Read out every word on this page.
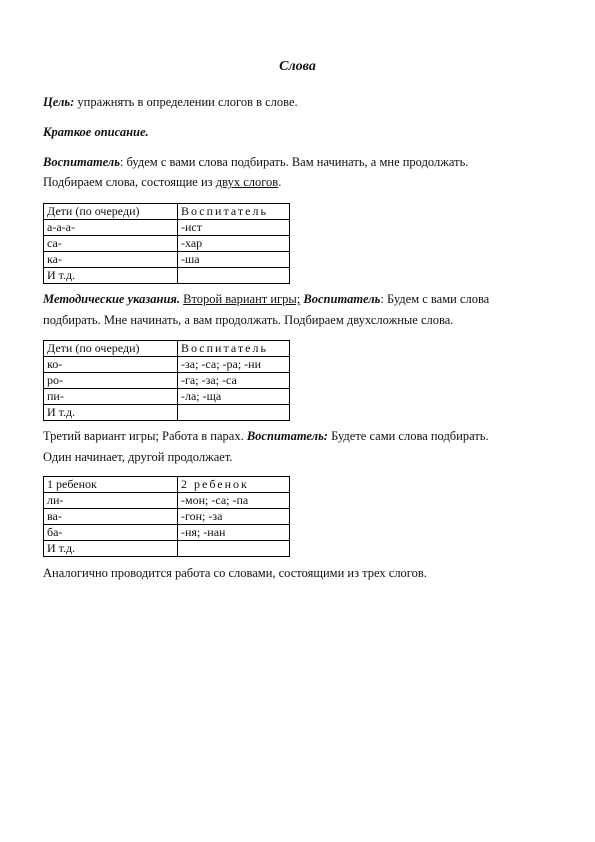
Слова
Цель: упражнять в определении слогов в слове.
Краткое описание.
Воспитатель: будем с вами слова подбирать. Вам начинать, а мне продолжать.
Подбираем слова, состоящие из двух слогов.
Дети (по очереди)	Воспитатель
а-а-а-	-ист
са-	-хар
ка-	-ша
И т.д.	
Методические указания. Второй вариант игры; Воспитатель: Будем с вами слова
подбирать. Мне начинать, а вам продолжать. Подбираем двухсложные слова.
Дети (по очереди)	Воспитатель
ко-	-за; -са; -ра; -ни
ро-	-га; -за; -са
пи-	-ла; -ща
И т.д.	
Третий вариант игры; Работа в парах. Воспитатель: Будете сами слова подбирать.
Один начинает, другой продолжает.
1 ребенок	2 ребенок
ли-	-мон; -са; -па
ва-	-гон; -за
ба-	-ня; -нан
И т.д.	
Аналогично проводится работа со словами, состоящими из трех слогов.
